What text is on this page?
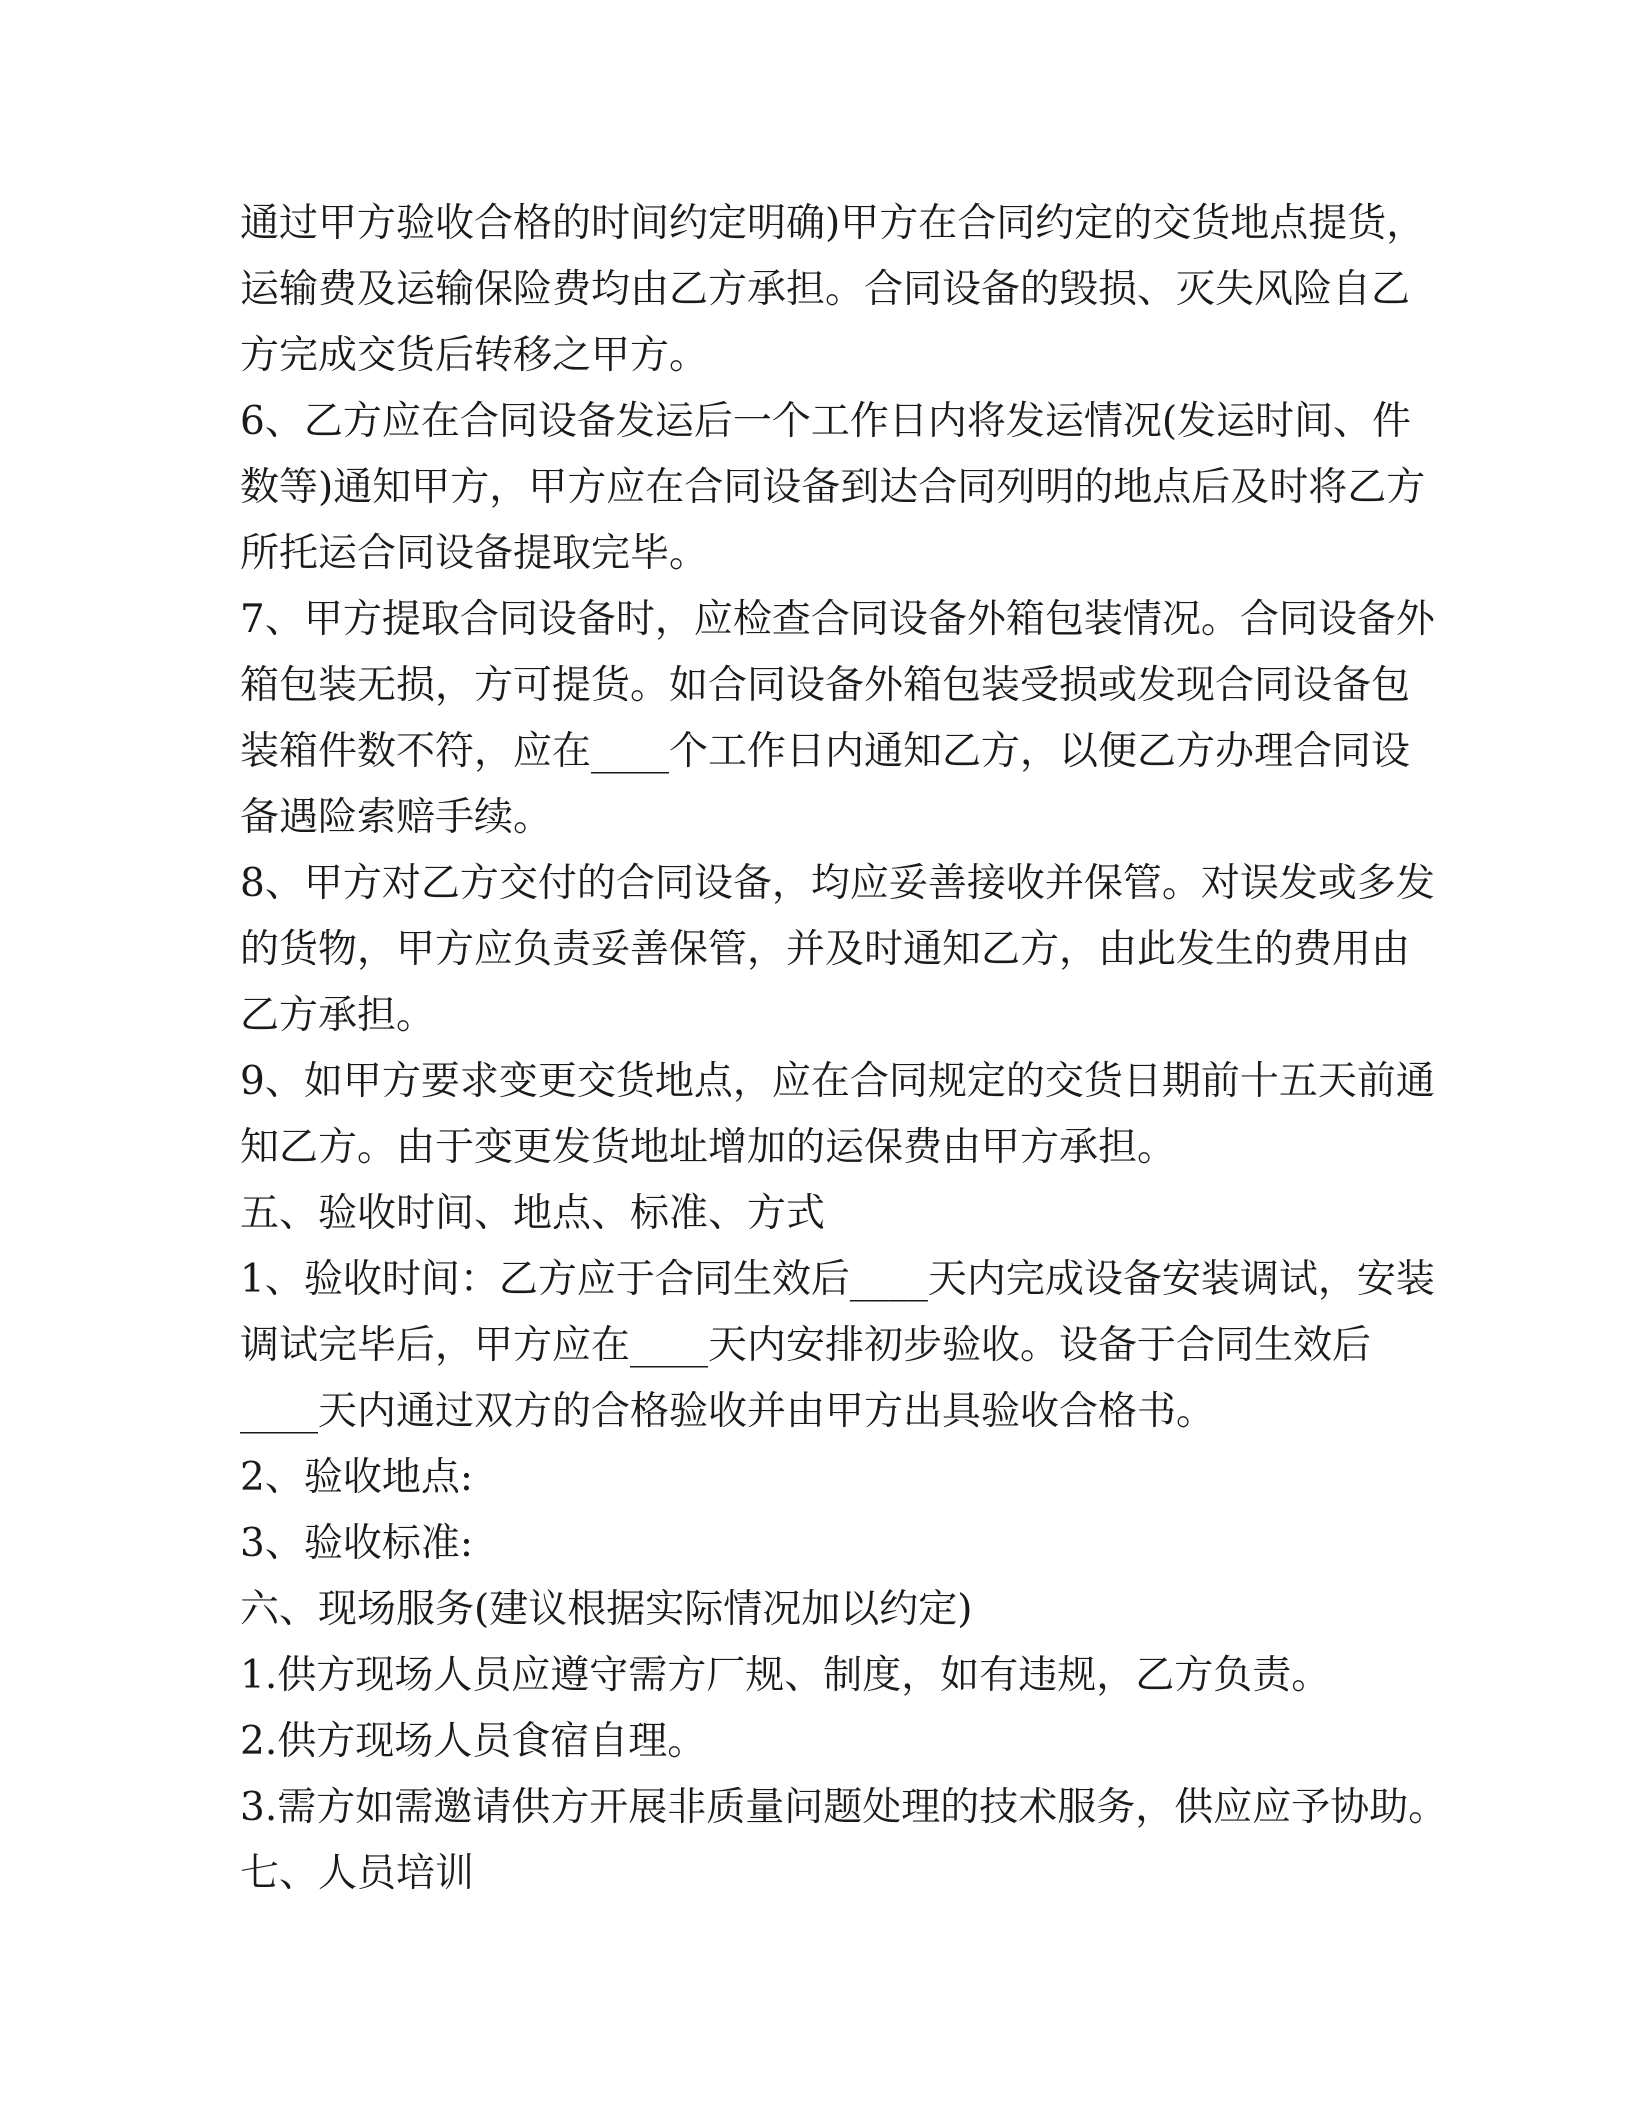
通过甲方验收合格的时间约定明确)甲方在合同约定的交货地点提货，
运输费及运输保险费均由乙方承担。合同设备的毁损、灭失风险自乙
方完成交货后转移之甲方。
6、乙方应在合同设备发运后一个工作日内将发运情况(发运时间、件
数等)通知甲方，甲方应在合同设备到达合同列明的地点后及时将乙方
所托运合同设备提取完毕。
7、甲方提取合同设备时，应检查合同设备外箱包装情况。合同设备外
箱包装无损，方可提货。如合同设备外箱包装受损或发现合同设备包
装箱件数不符，应在____个工作日内通知乙方，以便乙方办理合同设
备遇险索赔手续。
8、甲方对乙方交付的合同设备，均应妥善接收并保管。对误发或多发
的货物，甲方应负责妥善保管，并及时通知乙方，由此发生的费用由
乙方承担。
9、如甲方要求变更交货地点，应在合同规定的交货日期前十五天前通
知乙方。由于变更发货地址增加的运保费由甲方承担。
五、验收时间、地点、标准、方式
1、验收时间：乙方应于合同生效后____天内完成设备安装调试，安装
调试完毕后，甲方应在____天内安排初步验收。设备于合同生效后
____天内通过双方的合格验收并由甲方出具验收合格书。
2、验收地点:
3、验收标准:
六、现场服务(建议根据实际情况加以约定)
1.供方现场人员应遵守需方厂规、制度，如有违规，乙方负责。
2.供方现场人员食宿自理。
3.需方如需邀请供方开展非质量问题处理的技术服务，供应应予协助。
七、人员培训
